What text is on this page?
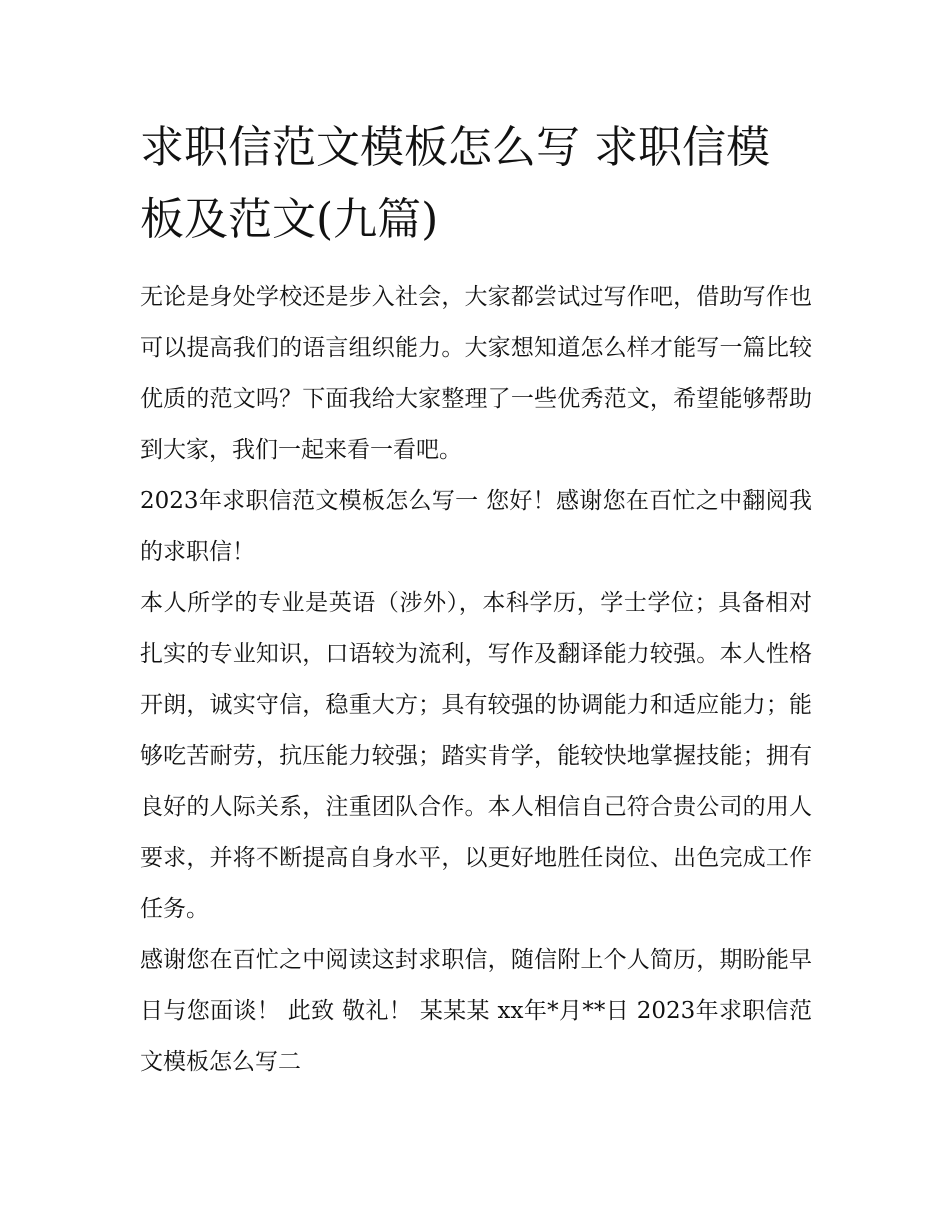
求职信范文模板怎么写 求职信模板及范文(九篇)

无论是身处学校还是步入社会，大家都尝试过写作吧，借助写作也可以提高我们的语言组织能力。大家想知道怎么样才能写一篇比较优质的范文吗？下面我给大家整理了一些优秀范文，希望能够帮助到大家，我们一起来看一看吧。

2023年求职信范文模板怎么写一 您好！感谢您在百忙之中翻阅我的求职信！

本人所学的专业是英语（涉外），本科学历，学士学位；具备相对扎实的专业知识，口语较为流利，写作及翻译能力较强。本人性格开朗，诚实守信，稳重大方；具有较强的协调能力和适应能力；能够吃苦耐劳，抗压能力较强；踏实肯学，能较快地掌握技能；拥有良好的人际关系，注重团队合作。本人相信自己符合贵公司的用人要求，并将不断提高自身水平，以更好地胜任岗位、出色完成工作任务。

感谢您在百忙之中阅读这封求职信，随信附上个人简历，期盼能早日与您面谈！ 此致 敬礼！ 某某某 xx年*月**日 2023年求职信范文模板怎么写二
